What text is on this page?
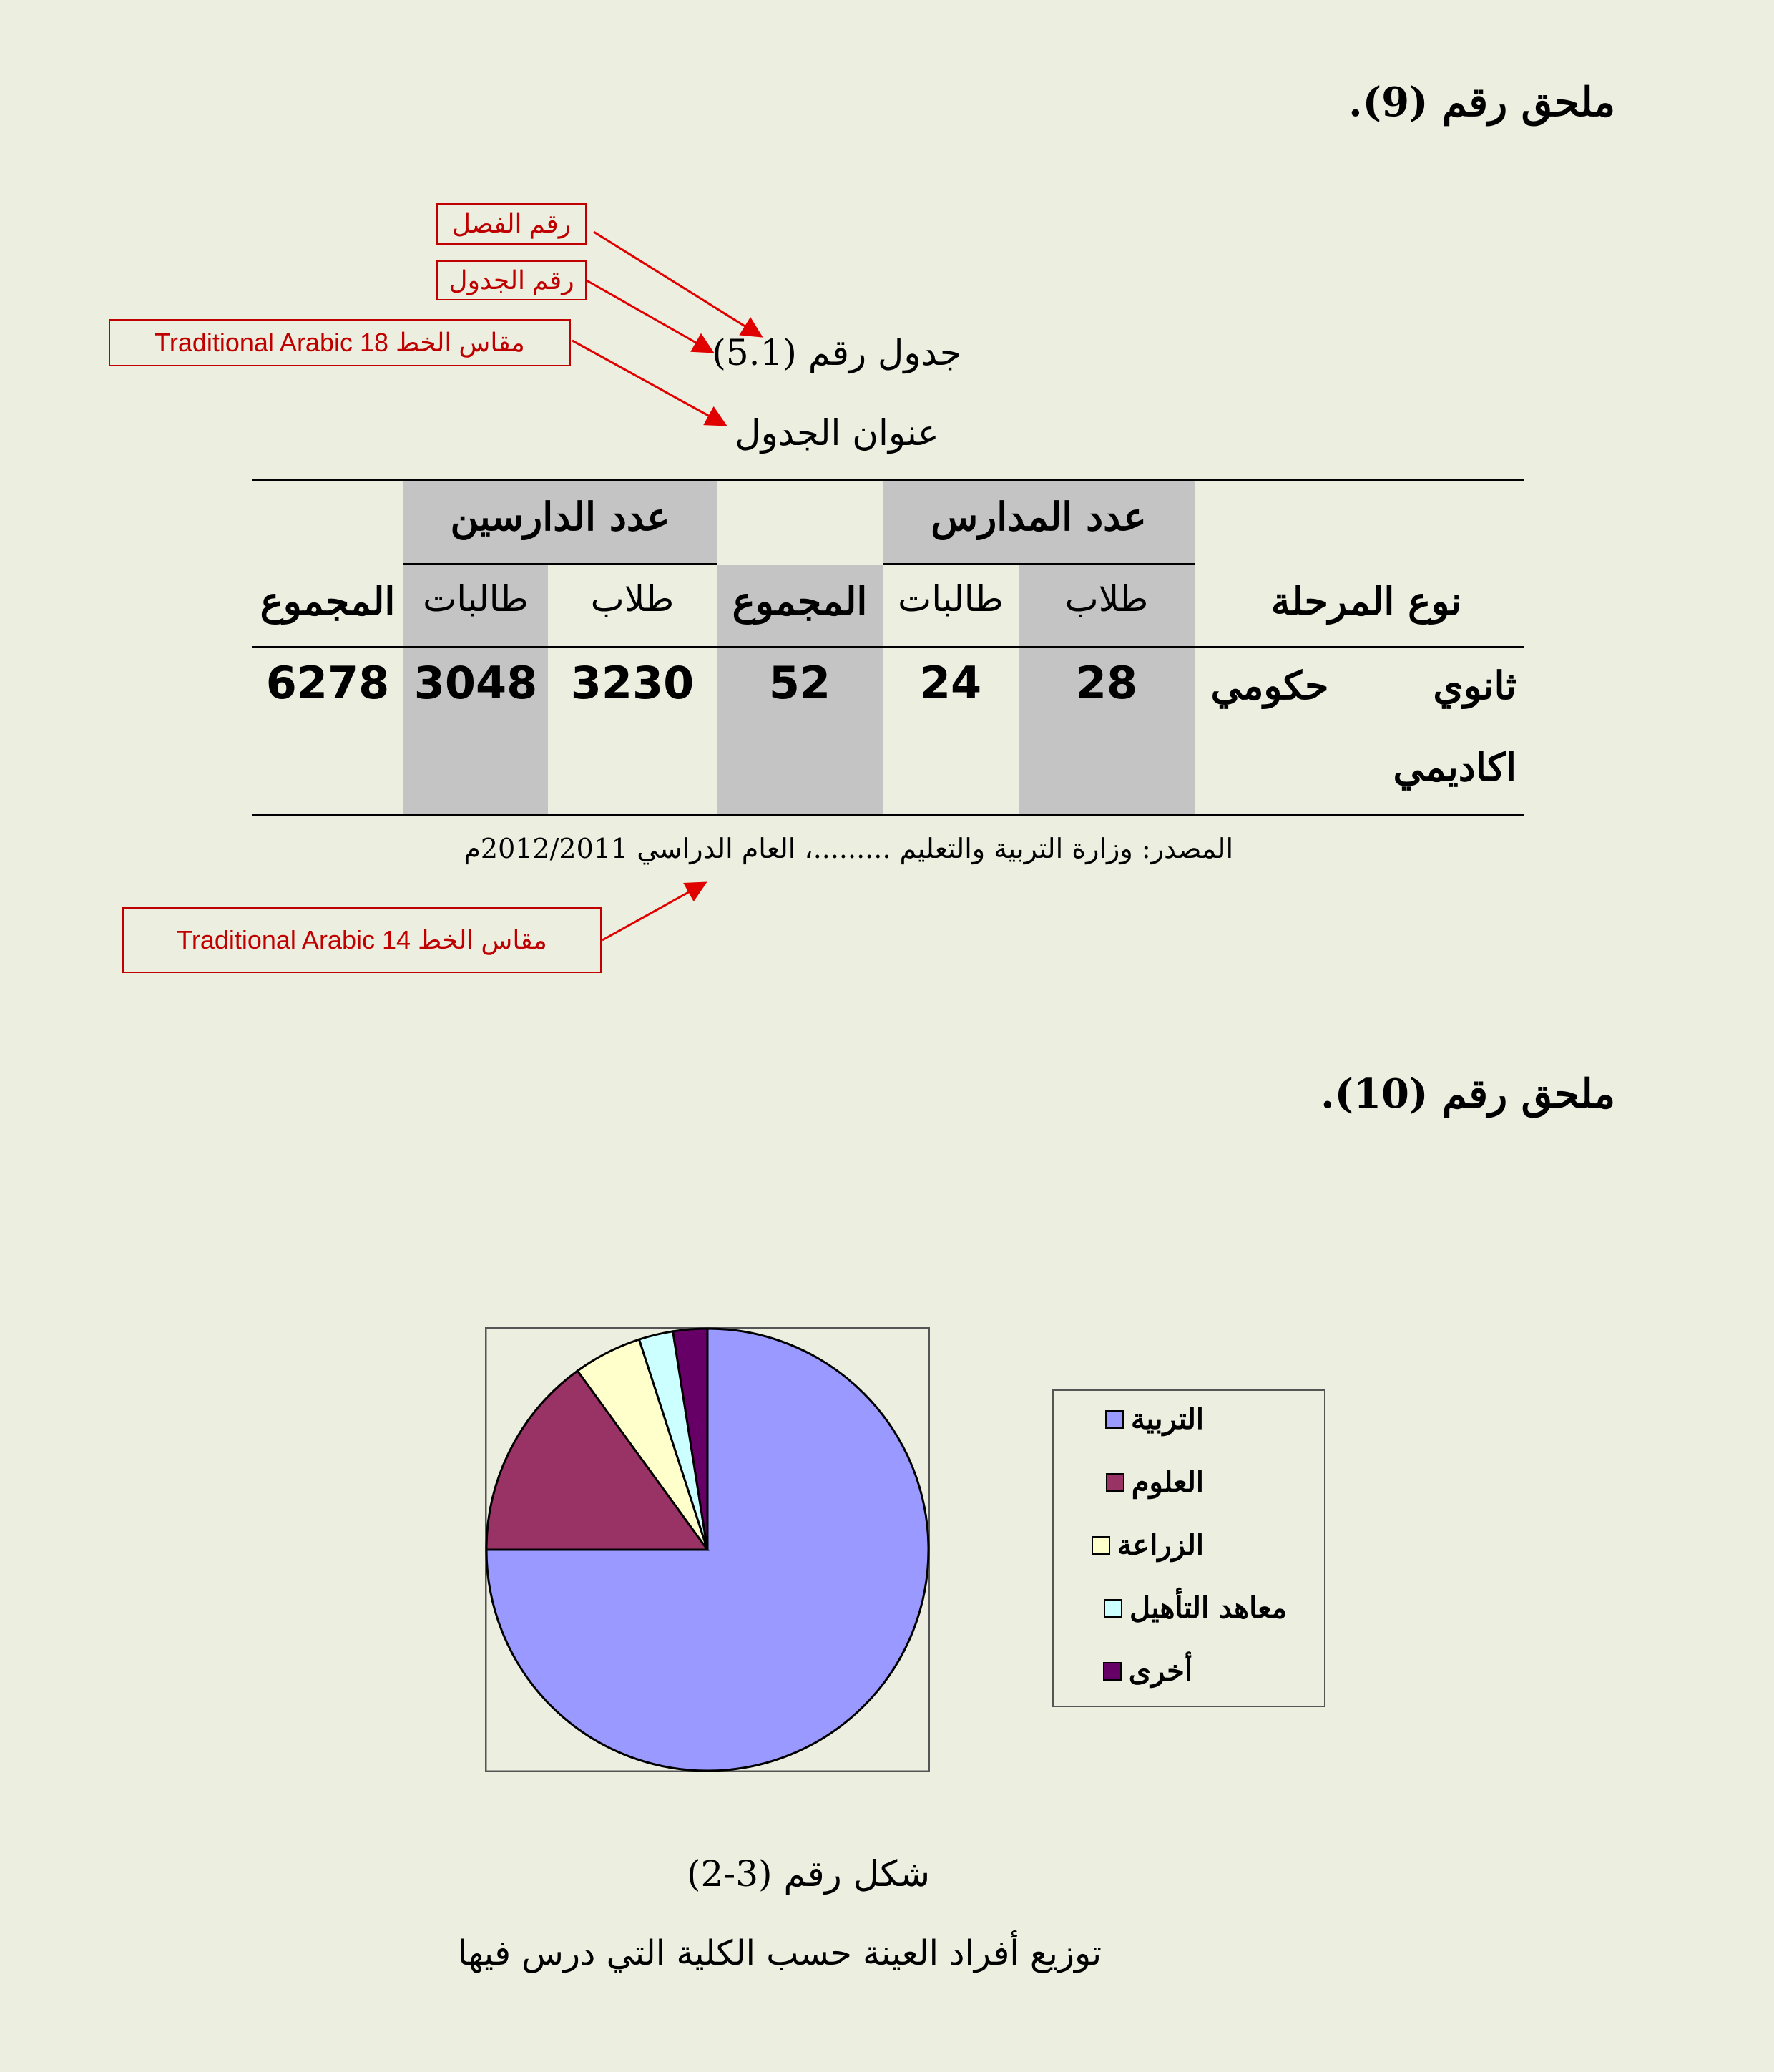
ملحق رقم (9).
رقم الفصل
رقم الجدول
Traditional Arabic 18 مقاس الخط
Traditional Arabic 14 مقاس الخط
جدول رقم (5.1)
عنوان الجدول
عدد المدارس
عدد الدارسين
نوع المرحلة
طلاب
طالبات
المجموع
طلاب
طالبات
المجموع
ثانوي
اكاديمي
حكومي
28
24
52
3230
3048
6278
المصدر: وزارة التربية والتعليم .........، العام الدراسي 2012/2011م
ملحق رقم (10).
التربية
العلوم
الزراعة
معاهد التأهيل
أخرى
شكل رقم (3-2)
توزيع أفراد العينة حسب الكلية التي درس فيها
